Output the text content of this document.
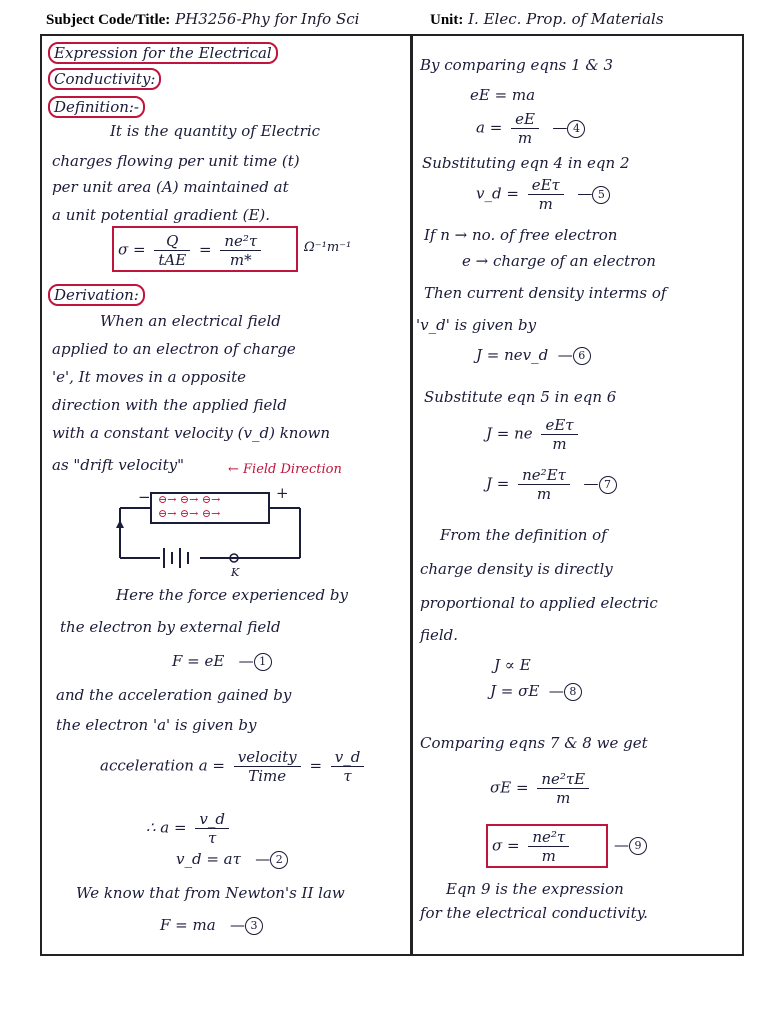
Subject Code/Title: PH3256-Phy for Info Sci	Unit: I. Elec. Prop. of Materials
Expression for the Electrical
Conductivity:
Definition:-
It is the quantity of Electric
charges flowing per unit time (t)
per unit area (A) maintained at
a unit potential gradient (E).
$\sigma = \frac{Q}{\text{tAE}} = \frac{\text{ne²τ}}{m*}$	Ω⁻¹m⁻¹
Derivation:
When an electrical field
applied to an electron of charge
'e', It moves in a opposite
direction with the applied field
with a constant velocity (v_d) known
as "drift velocity"	← Field Direction
−	+
⊖→ ⊖→ ⊖→
⊖→ ⊖→ ⊖→
K
Here the force experienced by
the electron by external field
F = eE   — 1
and the acceleration gained by
the electron 'a' is given by
acceleration $a = \frac{\text{velocity}}{\text{Time}} = \frac{v\_d}{\tau}$
∴ $a = \frac{v\_d}{\tau}$
v_d = aτ   — 2
We know that from Newton's II law
F = ma   — 3
By comparing eqns 1 & 3
eE = ma
$a = \frac{eE}{m}$ — 4
Substituting eqn 4 in eqn 2
v_d = $\frac{\text{eEτ}}{m}$ — 5
If n → no. of free electron
e → charge of an electron
Then current density interms of
'v_d' is given by
J = nev_d  — 6
Substitute eqn 5 in eqn 6
J = ne $\frac{\text{eEτ}}{m}$
$J = \frac{\text{ne²Eτ}}{m}$ — 7
From the definition of
charge density is directly
proportional to applied electric
field.
J ∝ E
J = σE  — 8
Comparing eqns 7 & 8 we get
$\sigma E = \frac{\text{ne²τE}}{m}$
$\sigma = \frac{\text{ne²τ}}{m}$	— 9
Eqn 9 is the expression
for the electrical conductivity.
